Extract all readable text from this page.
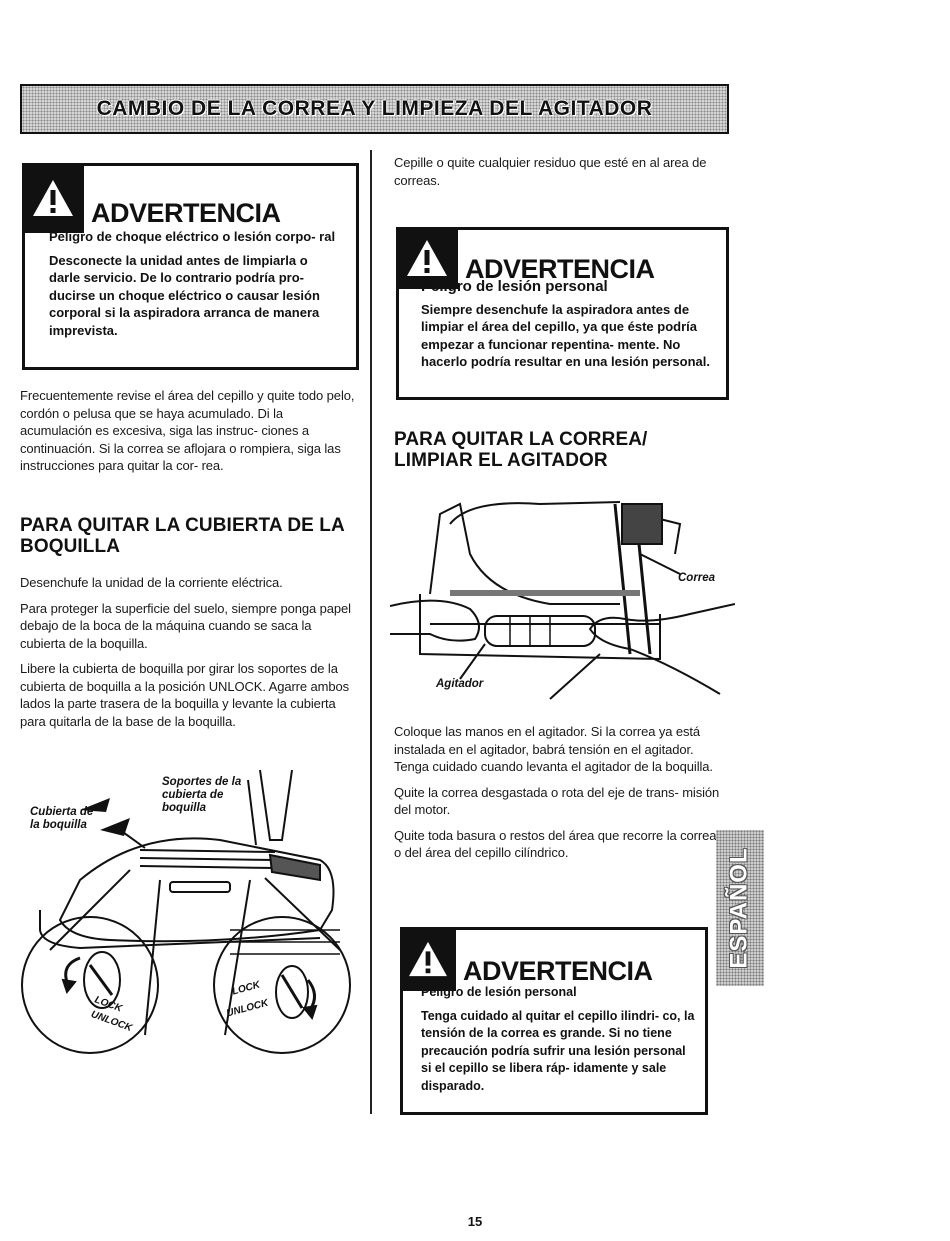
CAMBIO DE LA CORREA Y LIMPIEZA DEL AGITADOR
ADVERTENCIA

Peligro de choque eléctrico o lesión corpo- ral

Desconecte la unidad antes de limpiarla o darle servicio. De lo contrario podría pro- ducirse un choque eléctrico o causar lesión corporal si la aspiradora arranca de manera imprevista.

Frecuentemente revise el área del cepillo y quite todo pelo, cordón o pelusa que se haya acumulado. Di la acumulación es excesiva, siga las instruc- ciones a continuación. Si la correa se aflojara o rompiera, siga las instrucciones para quitar la cor- rea.

PARA QUITAR LA CUBIERTA DE LA BOQUILLA

Desenchufe la unidad de la corriente eléctrica.

Para proteger la superficie del suelo, siempre ponga papel debajo de la boca de la máquina cuando se saca la cubierta de la boquilla.

Libere la cubierta de boquilla por girar los soportes de la cubierta de boquilla a la posición UNLOCK. Agarre ambos lados la parte trasera de la boquilla y levante la cubierta para quitarla de la base de la boquilla.

Cubierta de la boquilla
Soportes de la cubierta de boquilla
LOCK
UNLOCK
LOCK
UNLOCK

Cepille o quite cualquier residuo que esté en al area de correas.

ADVERTENCIA

Peligro de lesión personal

Siempre desenchufe la aspiradora antes de limpiar el área del cepillo, ya que éste podría empezar a funcionar repentina- mente. No hacerlo podría resultar en una lesión personal.

PARA QUITAR LA CORREA/ LIMPIAR EL AGITADOR
Correa
Agitador

Coloque las manos en el agitador. Si la correa ya está instalada en el agitador, babrá tensión en el agitador. Tenga cuidado cuando levanta el agitador de la boquilla.

Quite la correa desgastada o rota del eje de trans- misión del motor.

Quite toda basura o restos del área que recorre la correa o del área del cepillo cilíndrico.	ESPAÑOL
ADVERTENCIA

Peligro de lesión personal

Tenga cuidado al quitar el cepillo ilindri- co, la tensión de la correa es grande. Si no tiene precaución podría sufrir una lesión personal si el cepillo se libera ráp- idamente y sale disparado.

15
